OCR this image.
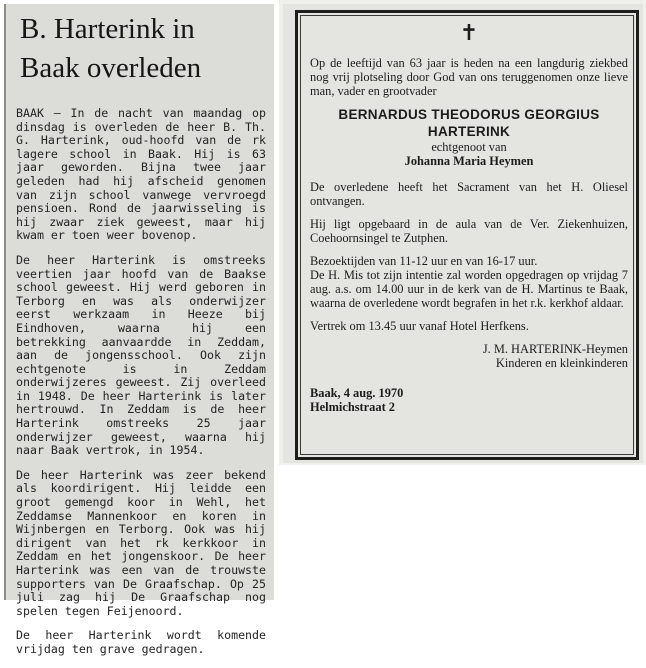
B. Harterink in
Baak overleden

BAAK — In de nacht van maandag op dinsdag is overleden de heer B. Th. G. Harterink, oud-hoofd van de rk lagere school in Baak. Hij is 63 jaar geworden. Bijna twee jaar geleden had hij afscheid genomen van zijn school vanwege vervroegd pensioen. Rond de jaarwisseling is hij zwaar ziek geweest, maar hij kwam er toen weer bovenop.

De heer Harterink is omstreeks veertien jaar hoofd van de Baakse school geweest. Hij werd geboren in Terborg en was als onderwijzer eerst werkzaam in Heeze bij Eindhoven, waarna hij een betrekking aanvaardde in Zeddam, aan de jongensschool. Ook zijn echtgenote is in Zeddam onderwijzeres geweest. Zij overleed in 1948. De heer Harterink is later hertrouwd. In Zeddam is de heer Harterink omstreeks 25 jaar onderwijzer geweest, waarna hij naar Baak vertrok, in 1954.

De heer Harterink was zeer bekend als koordirigent. Hij leidde een groot gemengd koor in Wehl, het Zeddamse Mannenkoor en koren in Wijnbergen en Terborg. Ook was hij dirigent van het rk kerkkoor in Zeddam en het jongenskoor. De heer Harterink was een van de trouwste supporters van De Graafschap. Op 25 juli zag hij De Graafschap nog spelen tegen Feijenoord.

De heer Harterink wordt komende vrijdag ten grave gedragen.

✝

Op de leeftijd van 63 jaar is heden na een langdurig ziekbed nog vrij plotseling door God van ons teruggenomen onze lieve man, vader en grootvader

BERNARDUS THEODORUS GEORGIUS
HARTERINK
echtgenoot van
Johanna Maria Heymen

De overledene heeft het Sacrament van het H. Oliesel ontvangen.

Hij ligt opgebaard in de aula van de Ver. Ziekenhuizen, Coehoornsingel te Zutphen.

Bezoektijden van 11-12 uur en van 16-17 uur.

De H. Mis tot zijn intentie zal worden opgedragen op vrijdag 7 aug. a.s. om 14.00 uur in de kerk van de H. Martinus te Baak, waarna de overledene wordt begrafen in het r.k. kerkhof aldaar.

Vertrek om 13.45 uur vanaf Hotel Herfkens.

J. M. HARTERINK-Heymen

Kinderen en kleinkinderen

Baak, 4 aug. 1970
Helmichstraat 2
